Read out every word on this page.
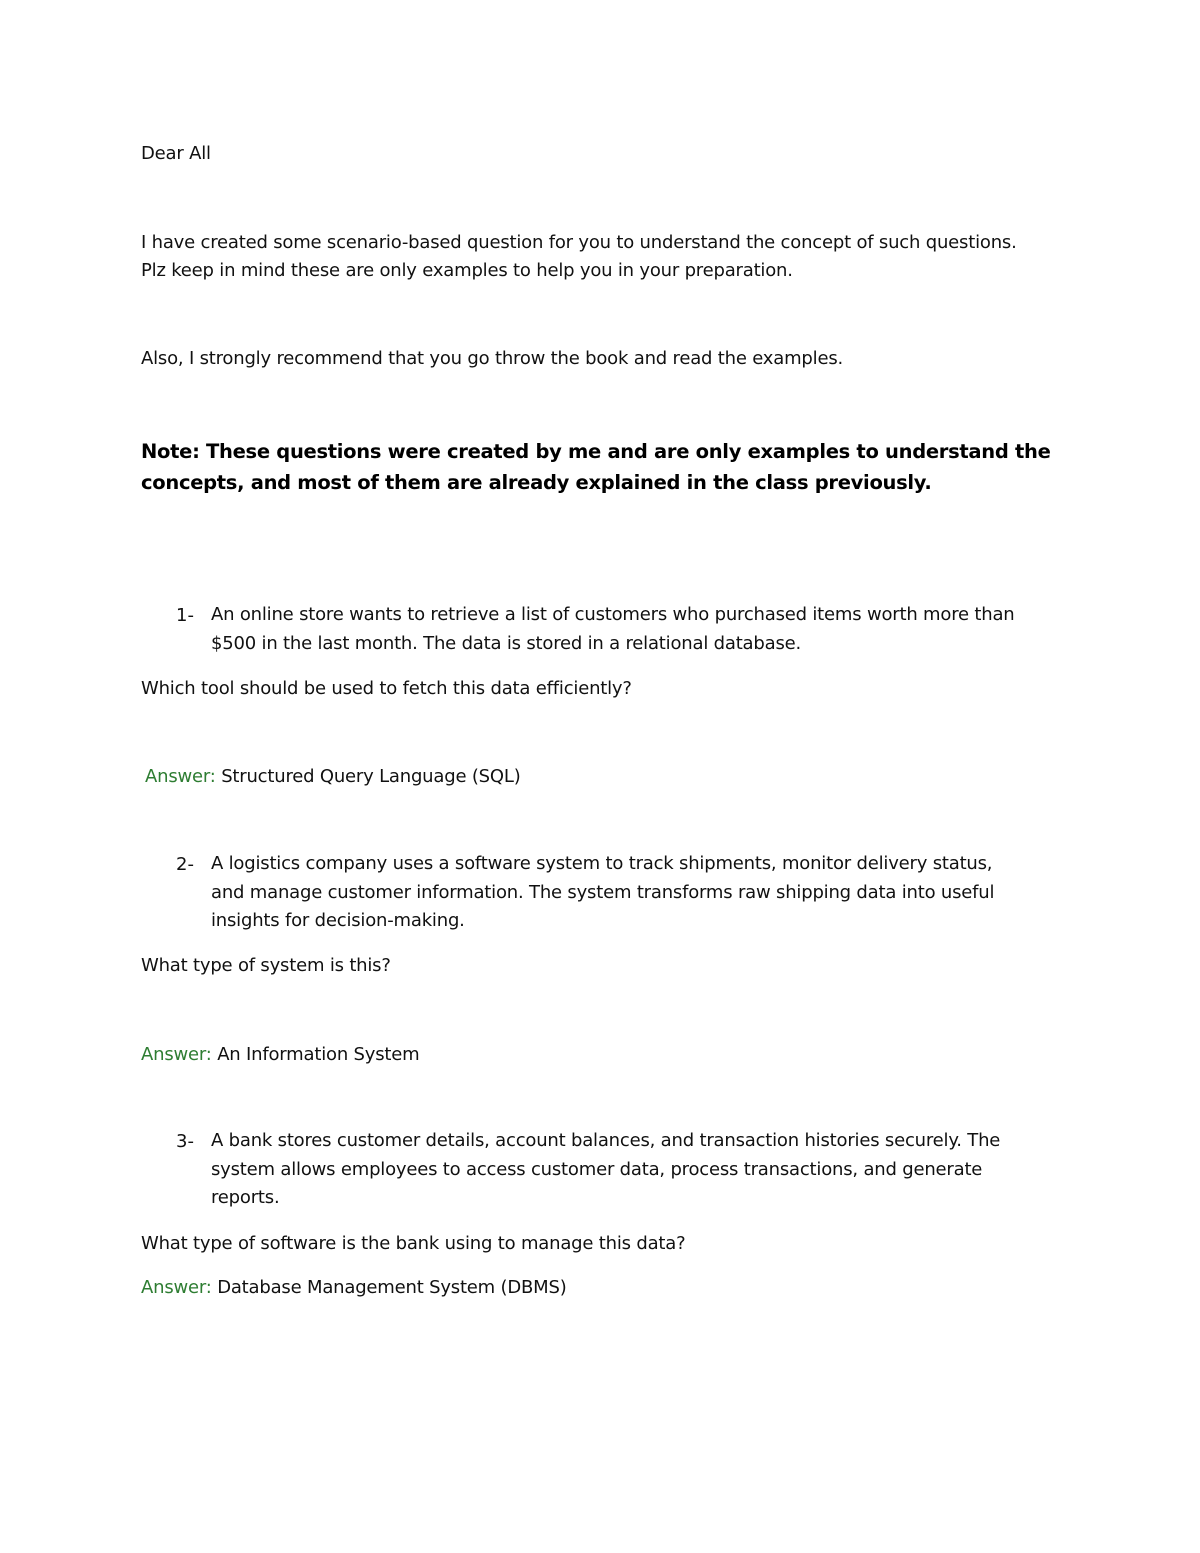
Dear All
I have created some scenario-based question for you to understand the concept of such questions.
Plz keep in mind these are only examples to help you in your preparation.
Also, I strongly recommend that you go throw the book and read the examples.
Note: These questions were created by me and are only examples to understand the
concepts, and most of them are already explained in the class previously.
1- An online store wants to retrieve a list of customers who purchased items worth more than
$500 in the last month. The data is stored in a relational database.
Which tool should be used to fetch this data efficiently?
Answer: Structured Query Language (SQL)
2- A logistics company uses a software system to track shipments, monitor delivery status,
and manage customer information. The system transforms raw shipping data into useful
insights for decision-making.
What type of system is this?
Answer: An Information System
3- A bank stores customer details, account balances, and transaction histories securely. The
system allows employees to access customer data, process transactions, and generate
reports.
What type of software is the bank using to manage this data?
Answer: Database Management System (DBMS)
